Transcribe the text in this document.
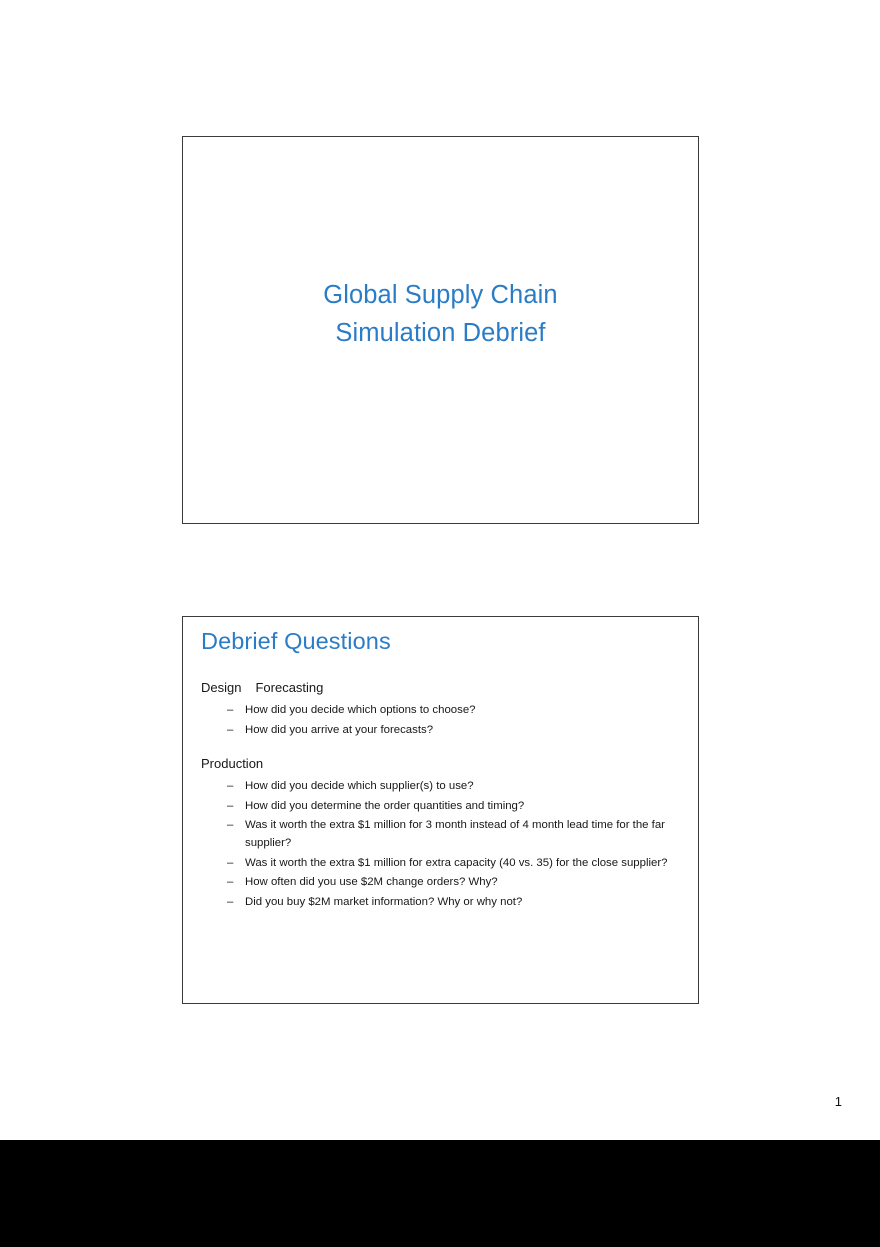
Global Supply Chain
Simulation Debrief
Debrief Questions
Design Forecasting
– How did you decide which options to choose?
– How did you arrive at your forecasts?
Production
– How did you decide which supplier(s) to use?
– How did you determine the order quantities and timing?
– Was it worth the extra $1 million for 3 month instead of 4 month lead time for the far supplier?
– Was it worth the extra $1 million for extra capacity (40 vs. 35) for the close supplier?
– How often did you use $2M change orders? Why?
– Did you buy $2M market information? Why or why not?
1
